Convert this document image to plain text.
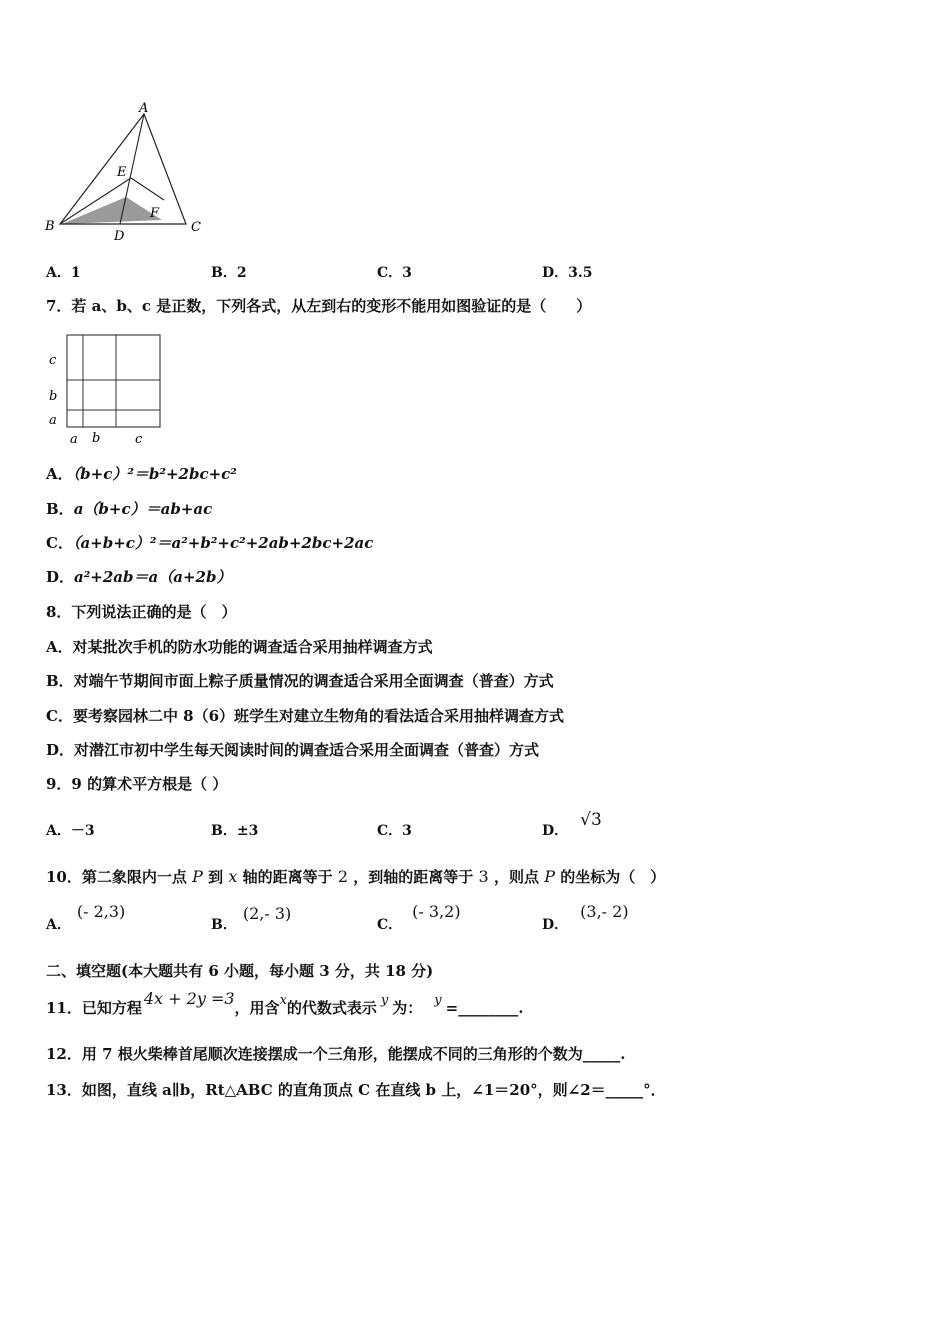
A
B	C
D
E
F
A．1	B．2	C．3	D．3.5
7．若 a、b、c 是正数，下列各式，从左到右的变形不能用如图验证的是（　　）
c
b
a
a b	c
A．（b+c）²＝b²+2bc+c²
B．a（b+c）＝ab+ac
C．（a+b+c）²＝a²+b²+c²+2ab+2bc+2ac
D．a²+2ab＝a（a+2b）
8．下列说法正确的是（　）
A．对某批次手机的防水功能的调查适合采用抽样调查方式
B．对端午节期间市面上粽子质量情况的调查适合采用全面调查（普查）方式
C．要考察园林二中 8（6）班学生对建立生物角的看法适合采用抽样调查方式
D．对潜江市初中学生每天阅读时间的调查适合采用全面调查（普查）方式
9．9 的算术平方根是（ ）
A．－3	B．±3	C．3	D．√3
10．第二象限内一点 P 到 x 轴的距离等于 2 ，到轴的距离等于 3 ，则点 P 的坐标为（　）
A．(- 2,3)
B．(2,- 3)
C．(- 3,2)
D．(3,- 2)
二、填空题(本大题共有 6 小题，每小题 3 分，共 18 分)
11．已知方程 4x + 2y =3，用含x的代数式表示 y 为： y =________.
12．用 7 根火柴棒首尾顺次连接摆成一个三角形，能摆成不同的三角形的个数为_____.
13．如图，直线 a∥b，Rt△ABC 的直角顶点 C 在直线 b 上，∠1＝20°，则∠2＝_____°．
